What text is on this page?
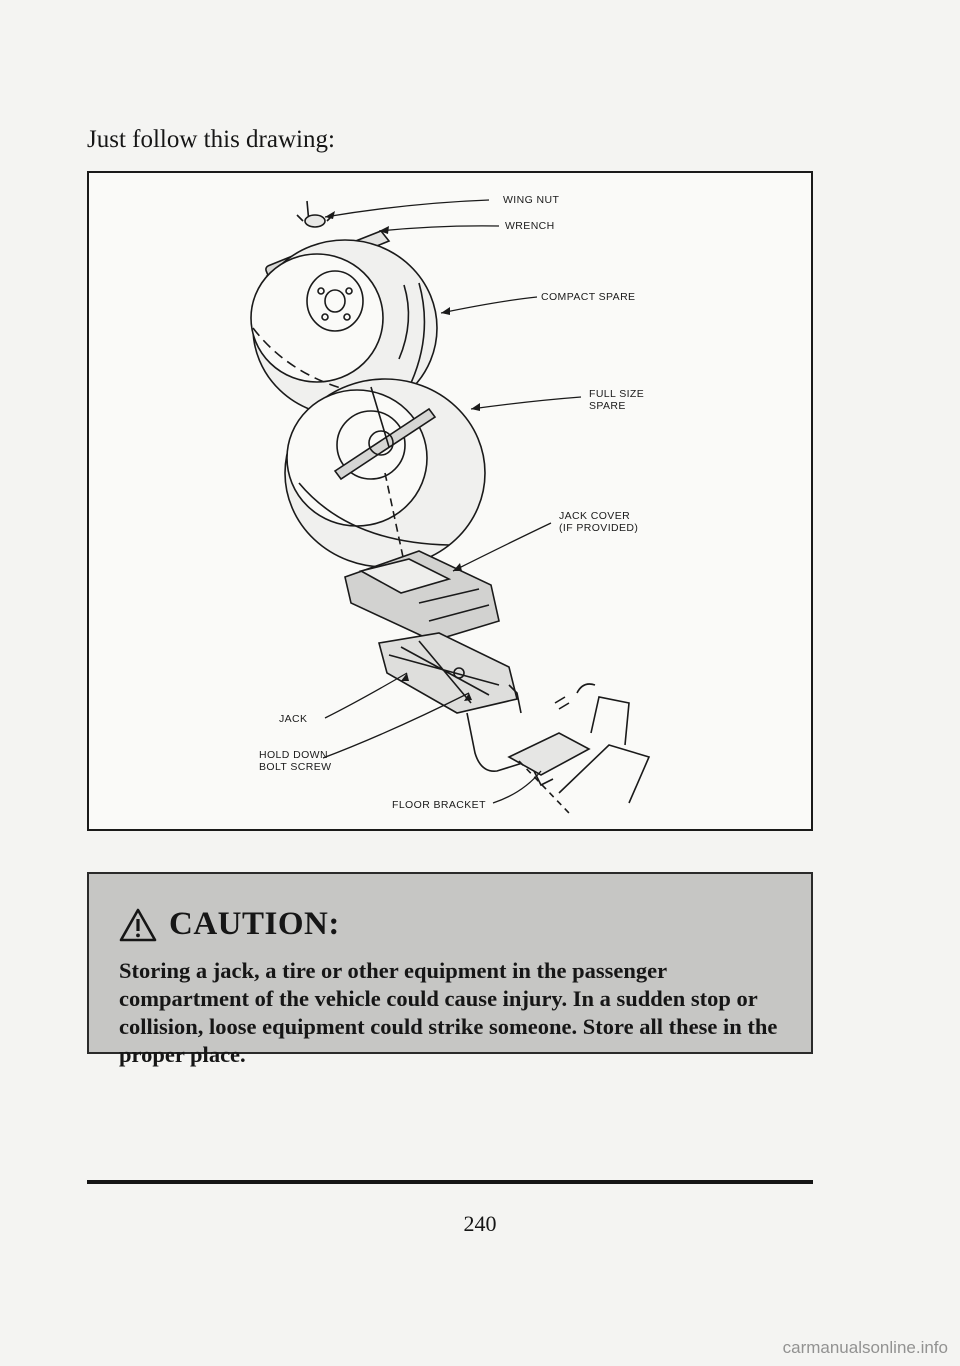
Just follow this drawing:

WING NUT
WRENCH
COMPACT SPARE
FULL SIZE
SPARE
JACK COVER
(IF PROVIDED)
JACK
HOLD DOWN
BOLT SCREW
FLOOR BRACKET
CAUTION:

Storing a jack, a tire or other equipment in the passenger compartment of the vehicle could cause injury. In a sudden stop or collision, loose equipment could strike someone. Store all these in the proper place.

240
carmanualsonline.info
